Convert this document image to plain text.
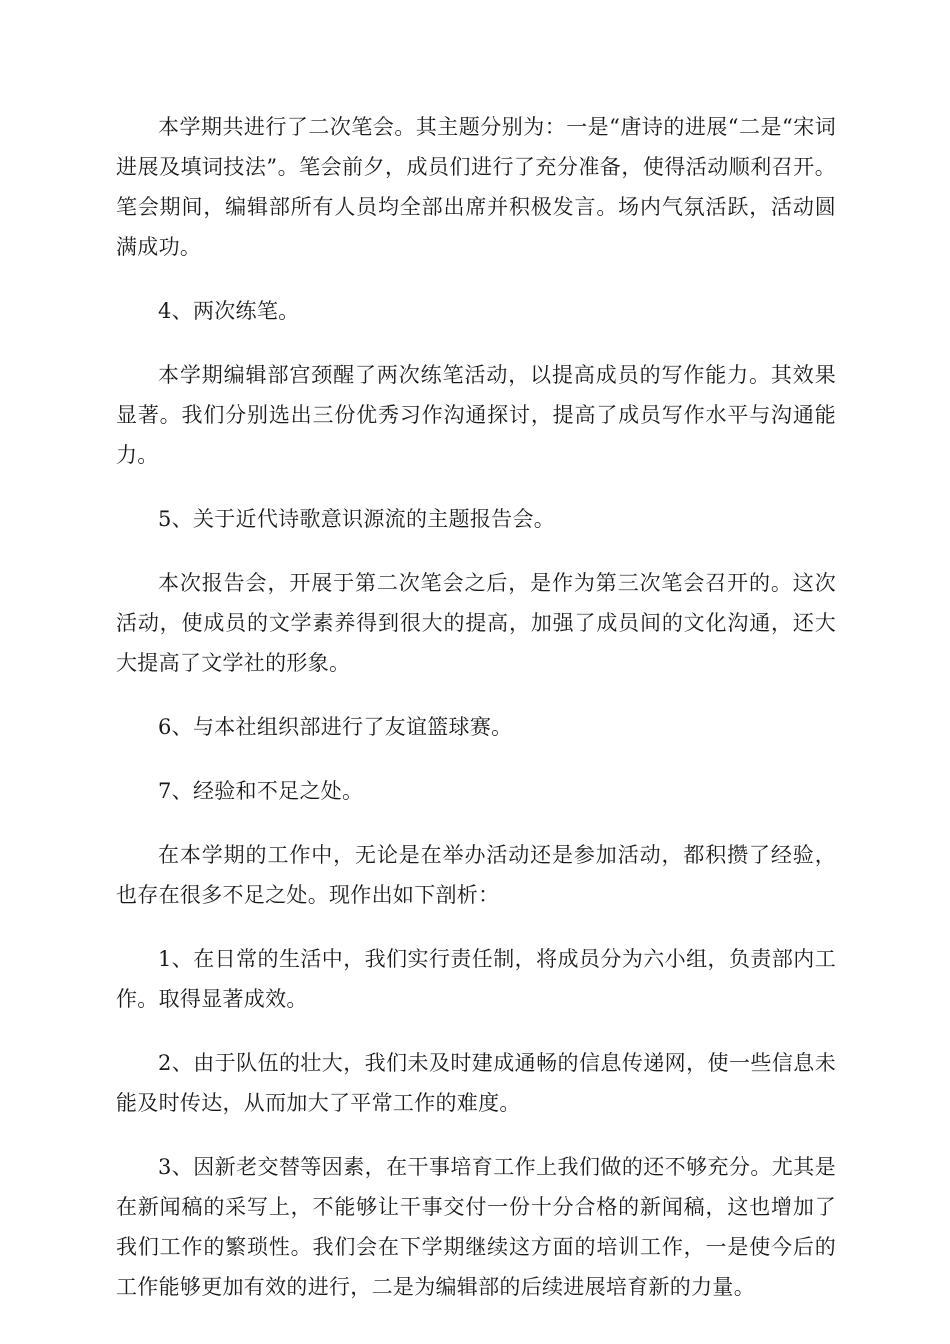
本学期共进行了二次笔会。其主题分别为：一是“唐诗的进展“二是“宋词进展及填词技法”。笔会前夕，成员们进行了充分准备，使得活动顺利召开。笔会期间，编辑部所有人员均全部出席并积极发言。场内气氛活跃，活动圆满成功。

4、两次练笔。

本学期编辑部宫颈醒了两次练笔活动，以提高成员的写作能力。其效果显著。我们分别选出三份优秀习作沟通探讨，提高了成员写作水平与沟通能力。

5、关于近代诗歌意识源流的主题报告会。

本次报告会，开展于第二次笔会之后，是作为第三次笔会召开的。这次活动，使成员的文学素养得到很大的提高，加强了成员间的文化沟通，还大大提高了文学社的形象。

6、与本社组织部进行了友谊篮球赛。

7、经验和不足之处。

在本学期的工作中，无论是在举办活动还是参加活动，都积攒了经验，也存在很多不足之处。现作出如下剖析：

1、在日常的生活中，我们实行责任制，将成员分为六小组，负责部内工作。取得显著成效。

2、由于队伍的壮大，我们未及时建成通畅的信息传递网，使一些信息未能及时传达，从而加大了平常工作的难度。

3、因新老交替等因素，在干事培育工作上我们做的还不够充分。尤其是在新闻稿的采写上，不能够让干事交付一份十分合格的新闻稿，这也增加了我们工作的繁琐性。我们会在下学期继续这方面的培训工作，一是使今后的工作能够更加有效的进行，二是为编辑部的后续进展培育新的力量。
